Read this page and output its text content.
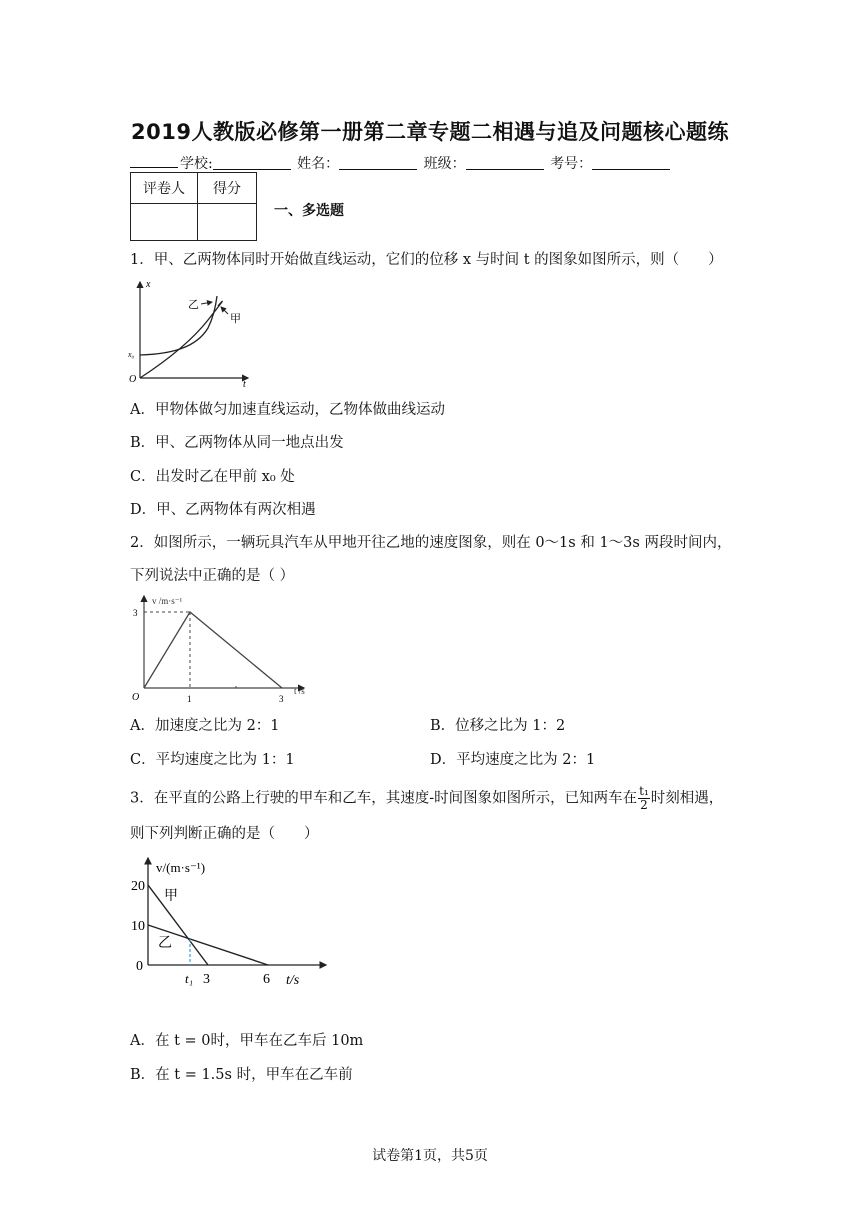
2019人教版必修第一册第二章专题二相遇与追及问题核心题练
学校:	姓名：	班级：	考号：
评卷人	得分

一、多选题
1．甲、乙两物体同时开始做直线运动，它们的位移 x 与时间 t 的图象如图所示，则（　　）
x
t
O
x₀
乙
甲
A．甲物体做匀加速直线运动，乙物体做曲线运动
B．甲、乙两物体从同一地点出发
C．出发时乙在甲前 x₀ 处
D．甲、乙两物体有两次相遇
2．如图所示，一辆玩具汽车从甲地开往乙地的速度图象，则在 0～1s 和 1～3s 两段时间内，
下列说法中正确的是（ ）
v /m·s⁻¹
t /s
O
3
1	3
A．加速度之比为 2：1	B．位移之比为 1：2
C．平均速度之比为 1：1	D．平均速度之比为 2：1
3．在平直的公路上行驶的甲车和乙车，其速度-时间图象如图所示，已知两车在 $\frac{\text{t₁}}{2}$ 时刻相遇，
则下列判断正确的是（　　）
v/(m·s⁻¹)
t/s
20
10
0
t₁ 3	6
甲
乙
A．在 t = 0时，甲车在乙车后 10m
B．在 t = 1.5s 时，甲车在乙车前
试卷第1页，共5页
